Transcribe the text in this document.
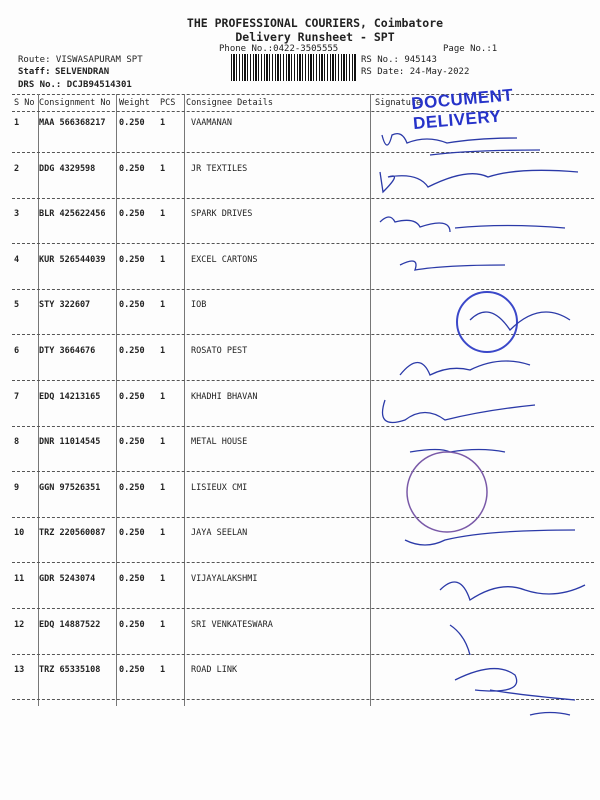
THE PROFESSIONAL COURIERS, Coimbatore
Delivery Runsheet - SPT
Phone No.:0422-3505555	Page No.:1
Route: VISWASAPURAM SPT
Staff: SELVENDRAN
DRS No.: DCJB94514301
RS No.: 945143
RS Date: 24-May-2022
S No Consignment No Weight PCS Consignee Details	Signature
1 MAA 566368217 0.250 1	VAAMANAN
2 DDG 4329598	0.250 1	JR TEXTILES
3 BLR 425622456 0.250 1	SPARK DRIVES
4 KUR 526544039 0.250 1	EXCEL CARTONS
5 STY 322607	0.250 1	IOB
6 DTY 3664676	0.250 1	ROSATO PEST
7 EDQ 14213165 0.250 1	KHADHI BHAVAN
8 DNR 11014545 0.250 1	METAL HOUSE
9 GGN 97526351 0.250 1	LISIEUX CMI
10 TRZ 220560087 0.250 1	JAYA SEELAN
11 GDR 5243074	0.250 1	VIJAYALAKSHMI
12 EDQ 14887522 0.250 1	SRI VENKATESWARA
13 TRZ 65335108 0.250 1	ROAD LINK
DOCUMENT DELIVERY
